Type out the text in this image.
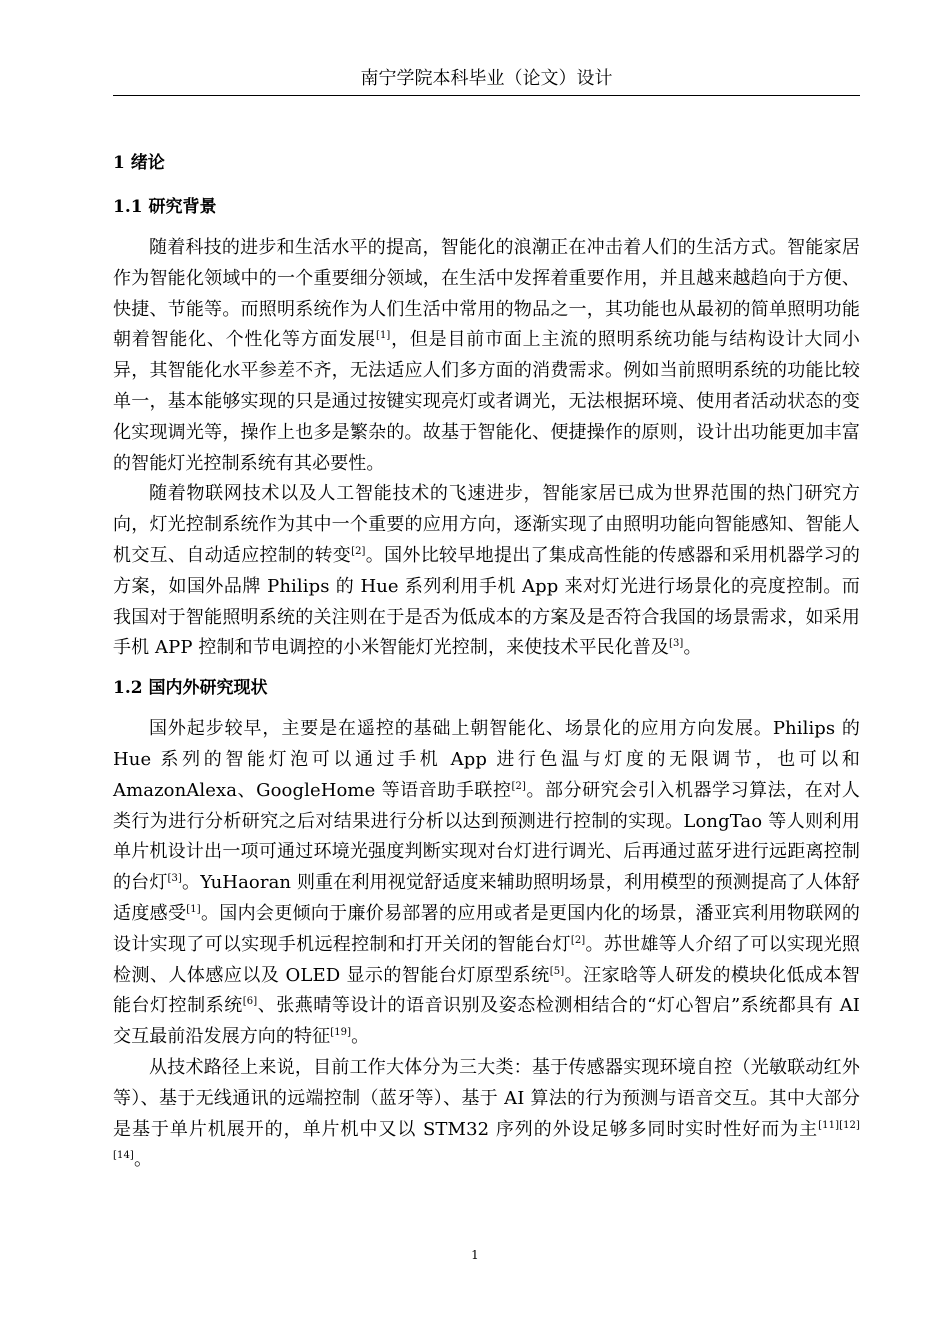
南宁学院本科毕业（论文）设计
1 绪论
1.1 研究背景

随着科技的进步和生活水平的提高，智能化的浪潮正在冲击着人们的生活方式。智能家居作为智能化领域中的一个重要细分领域，在生活中发挥着重要作用，并且越来越趋向于方便、快捷、节能等。而照明系统作为人们生活中常用的物品之一，其功能也从最初的简单照明功能朝着智能化、个性化等方面发展[1]，但是目前市面上主流的照明系统功能与结构设计大同小异，其智能化水平参差不齐，无法适应人们多方面的消费需求。例如当前照明系统的功能比较单一，基本能够实现的只是通过按键实现亮灯或者调光，无法根据环境、使用者活动状态的变化实现调光等，操作上也多是繁杂的。故基于智能化、便捷操作的原则，设计出功能更加丰富的智能灯光控制系统有其必要性。

随着物联网技术以及人工智能技术的飞速进步，智能家居已成为世界范围的热门研究方向，灯光控制系统作为其中一个重要的应用方向，逐渐实现了由照明功能向智能感知、智能人机交互、自动适应控制的转变[2]。国外比较早地提出了集成高性能的传感器和采用机器学习的方案，如国外品牌 Philips 的 Hue 系列利用手机 App 来对灯光进行场景化的亮度控制。而我国对于智能照明系统的关注则在于是否为低成本的方案及是否符合我国的场景需求，如采用手机 APP 控制和节电调控的小米智能灯光控制，来使技术平民化普及[3]。

1.2 国内外研究现状

国外起步较早，主要是在遥控的基础上朝智能化、场景化的应用方向发展。Philips 的 Hue 系列的智能灯泡可以通过手机 App 进行色温与灯度的无限调节，也可以和 AmazonAlexa、GoogleHome 等语音助手联控[2]。部分研究会引入机器学习算法，在对人类行为进行分析研究之后对结果进行分析以达到预测进行控制的实现。LongTao 等人则利用单片机设计出一项可通过环境光强度判断实现对台灯进行调光、后再通过蓝牙进行远距离控制的台灯[3]。YuHaoran 则重在利用视觉舒适度来辅助照明场景，利用模型的预测提高了人体舒适度感受[1]。国内会更倾向于廉价易部署的应用或者是更国内化的场景，潘亚宾利用物联网的设计实现了可以实现手机远程控制和打开关闭的智能台灯[2]。苏世雄等人介绍了可以实现光照检测、人体感应以及 OLED 显示的智能台灯原型系统[5]。汪家晗等人研发的模块化低成本智能台灯控制系统[6]、张燕晴等设计的语音识别及姿态检测相结合的“灯心智启”系统都具有 AI 交互最前沿发展方向的特征[19]。

从技术路径上来说，目前工作大体分为三大类：基于传感器实现环境自控（光敏联动红外等）、基于无线通讯的远端控制（蓝牙等）、基于 AI 算法的行为预测与语音交互。其中大部分是基于单片机展开的，单片机中又以 STM32 序列的外设足够多同时实时性好而为主[11][12][14]。

1
